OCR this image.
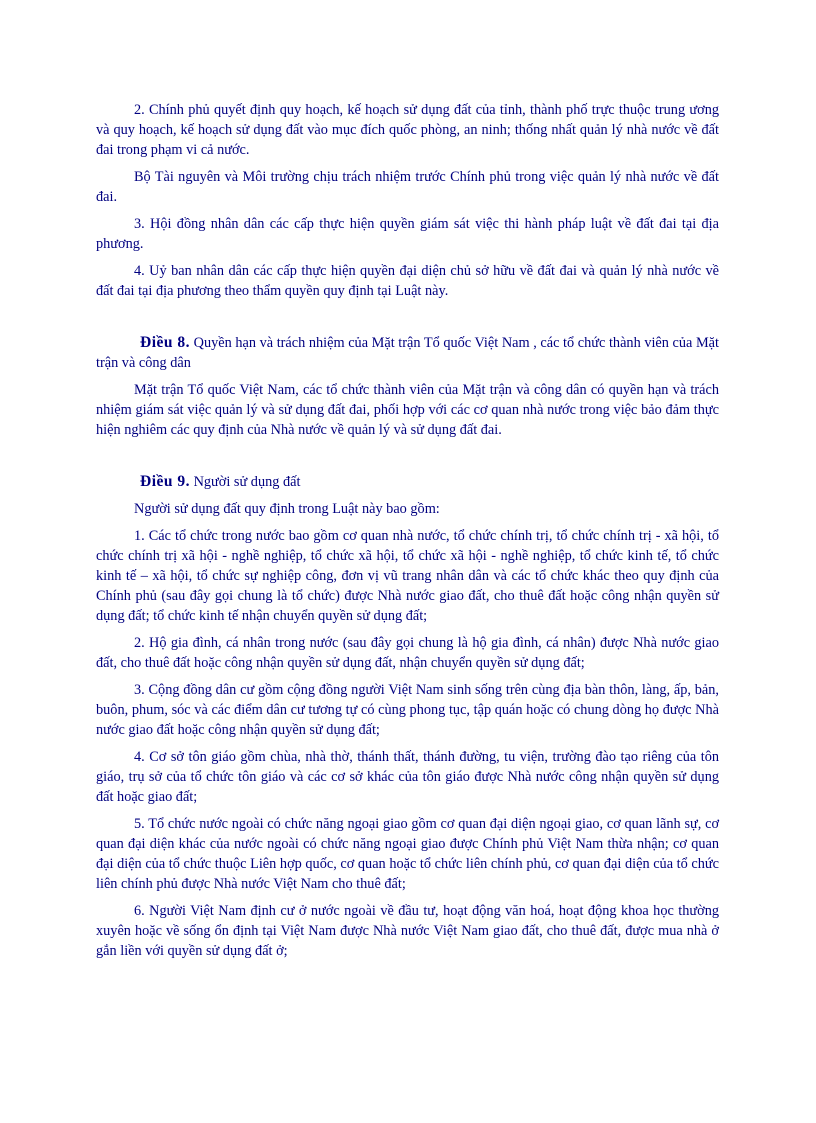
2. Chính phủ quyết định quy hoạch, kế hoạch sử dụng đất của tỉnh, thành phố trực thuộc trung ương và quy hoạch, kế hoạch sử dụng đất vào mục đích quốc phòng, an ninh; thống nhất quản lý nhà nước về đất đai trong phạm vi cả nước.

Bộ Tài nguyên và Môi trường chịu trách nhiệm trước Chính phủ trong việc quản lý nhà nước về đất đai.

3. Hội đồng nhân dân các cấp thực hiện quyền giám sát việc thi hành pháp luật về đất đai tại địa phương.

4. Uỷ ban nhân dân các cấp thực hiện quyền đại diện chủ sở hữu về đất đai và quản lý nhà nước về đất đai tại địa phương theo thẩm quyền quy định tại Luật này.

Điều 8. Quyền hạn và trách nhiệm của Mặt trận Tổ quốc Việt Nam , các tổ chức thành viên của Mặt trận và công dân

Mặt trận Tổ quốc Việt Nam, các tổ chức thành viên của Mặt trận và công dân có quyền hạn và trách nhiệm giám sát việc quản lý và sử dụng đất đai, phối hợp với các cơ quan nhà nước trong việc bảo đảm thực hiện nghiêm các quy định của Nhà nước về quản lý và sử dụng đất đai.

Điều 9. Người sử dụng đất

Người sử dụng đất quy định trong Luật này bao gồm:

1. Các tổ chức trong nước bao gồm cơ quan nhà nước, tổ chức chính trị, tổ chức chính trị - xã hội, tổ chức chính trị xã hội - nghề nghiệp, tổ chức xã hội, tổ chức xã hội - nghề nghiệp, tổ chức kinh tế, tổ chức kinh tế – xã hội, tổ chức sự nghiệp công, đơn vị vũ trang nhân dân và các tổ chức khác theo quy định của Chính phủ (sau đây gọi chung là tổ chức) được Nhà nước giao đất, cho thuê đất hoặc công nhận quyền sử dụng đất; tổ chức kinh tế nhận chuyển quyền sử dụng đất;

2. Hộ gia đình, cá nhân trong nước (sau đây gọi chung là hộ gia đình, cá nhân) được Nhà nước giao đất, cho thuê đất hoặc công nhận quyền sử dụng đất, nhận chuyển quyền sử dụng đất;

3. Cộng đồng dân cư gồm cộng đồng người Việt Nam sinh sống trên cùng địa bàn thôn, làng, ấp, bản, buôn, phum, sóc và các điểm dân cư tương tự có cùng phong tục, tập quán hoặc có chung dòng họ được Nhà nước giao đất hoặc công nhận quyền sử dụng đất;

4. Cơ sở tôn giáo gồm chùa, nhà thờ, thánh thất, thánh đường, tu viện, trường đào tạo riêng của tôn giáo, trụ sở của tổ chức tôn giáo và các cơ sở khác của tôn giáo được Nhà nước công nhận quyền sử dụng đất hoặc giao đất;

5. Tổ chức nước ngoài có chức năng ngoại giao gồm cơ quan đại diện ngoại giao, cơ quan lãnh sự, cơ quan đại diện khác của nước ngoài có chức năng ngoại giao được Chính phủ Việt Nam thừa nhận; cơ quan đại diện của tổ chức thuộc Liên hợp quốc, cơ quan hoặc tổ chức liên chính phủ, cơ quan đại diện của tổ chức liên chính phủ được Nhà nước Việt Nam cho thuê đất;

6. Người Việt Nam định cư ở nước ngoài về đầu tư, hoạt động văn hoá, hoạt động khoa học thường xuyên hoặc về sống ổn định tại Việt Nam được Nhà nước Việt Nam giao đất, cho thuê đất, được mua nhà ở gắn liền với quyền sử dụng đất ở;
